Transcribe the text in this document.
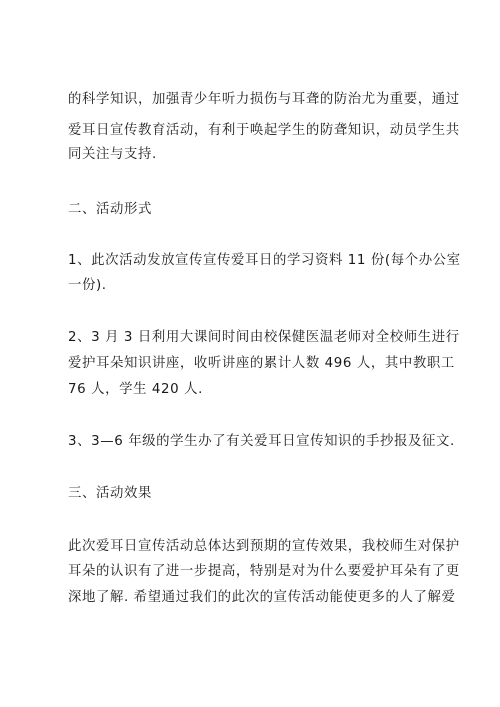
的科学知识，加强青少年听力损伤与耳聋的防治尤为重要，通过
爱耳日宣传教育活动，有利于唤起学生的防聋知识，动员学生共
同关注与支持.
二、活动形式
1、此次活动发放宣传宣传爱耳日的学习资料 11 份(每个办公室
一份).
2、3 月 3 日利用大课间时间由校保健医温老师对全校师生进行
爱护耳朵知识讲座，收听讲座的累计人数 496 人，其中教职工
76 人，学生 420 人.
3、3—6 年级的学生办了有关爱耳日宣传知识的手抄报及征文.
三、活动效果
此次爱耳日宣传活动总体达到预期的宣传效果，我校师生对保护
耳朵的认识有了进一步提高，特别是对为什么要爱护耳朵有了更
深地了解. 希望通过我们的此次的宣传活动能使更多的人了解爱
